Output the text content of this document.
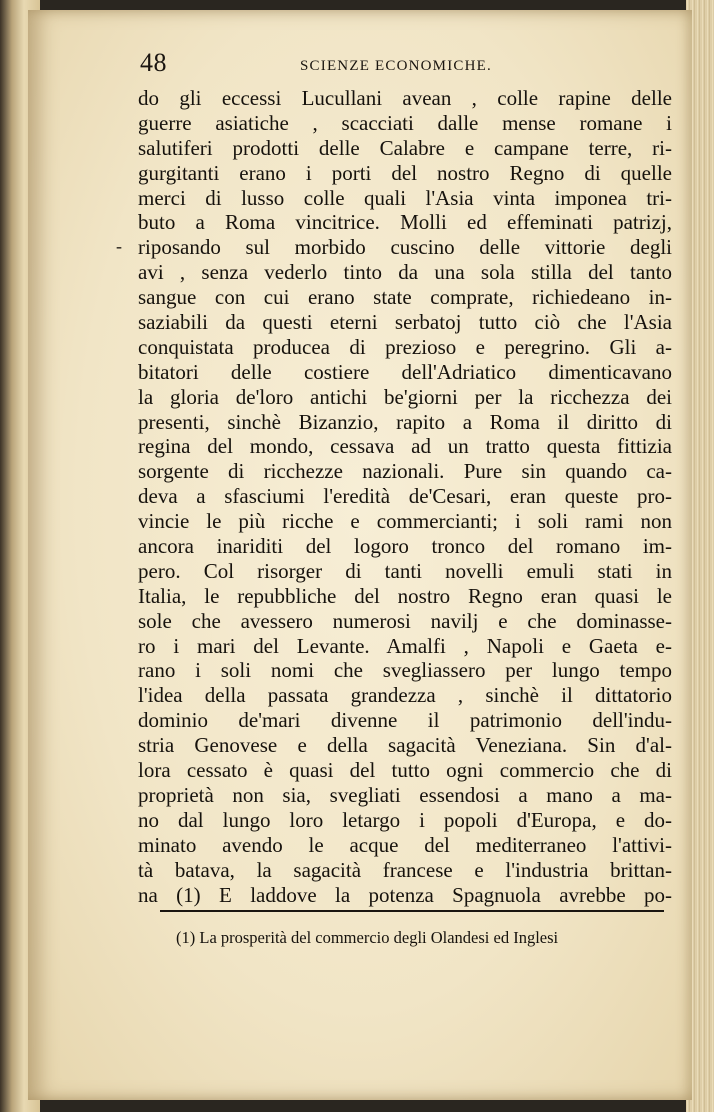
48	SCIENZE ECONOMICHE.
-
do gli eccessi Lucullani avean , colle rapine delle
guerre asiatiche , scacciati dalle mense romane i
salutiferi prodotti delle Calabre e campane terre, ri-
gurgitanti erano i porti del nostro Regno di quelle
merci di lusso colle quali l'Asia vinta imponea tri-
buto a Roma vincitrice. Molli ed effeminati patrizj,
riposando sul morbido cuscino delle vittorie degli
avi , senza vederlo tinto da una sola stilla del tanto
sangue con cui erano state comprate, richiedeano in-
saziabili da questi eterni serbatoj tutto ciò che l'Asia
conquistata producea di prezioso e peregrino. Gli a-
bitatori delle costiere dell'Adriatico dimenticavano
la gloria de'loro antichi be'giorni per la ricchezza dei
presenti, sinchè Bizanzio, rapito a Roma il diritto di
regina del mondo, cessava ad un tratto questa fittizia
sorgente di ricchezze nazionali. Pure sin quando ca-
deva a sfasciumi l'eredità de'Cesari, eran queste pro-
vincie le più ricche e commercianti; i soli rami non
ancora inariditi del logoro tronco del romano im-
pero. Col risorger di tanti novelli emuli stati in
Italia, le repubbliche del nostro Regno eran quasi le
sole che avessero numerosi navilj e che dominasse-
ro i mari del Levante. Amalfi , Napoli e Gaeta e-
rano i soli nomi che svegliassero per lungo tempo
l'idea della passata grandezza , sinchè il dittatorio
dominio de'mari divenne il patrimonio dell'indu-
stria Genovese e della sagacità Veneziana. Sin d'al-
lora cessato è quasi del tutto ogni commercio che di
proprietà non sia, svegliati essendosi a mano a ma-
no dal lungo loro letargo i popoli d'Europa, e do-
minato avendo le acque del mediterraneo l'attivi-
tà batava, la sagacità francese e l'industria brittan-
na (1) E laddove la potenza Spagnuola avrebbe po-
(1) La prosperità del commercio degli Olandesi ed Inglesi
